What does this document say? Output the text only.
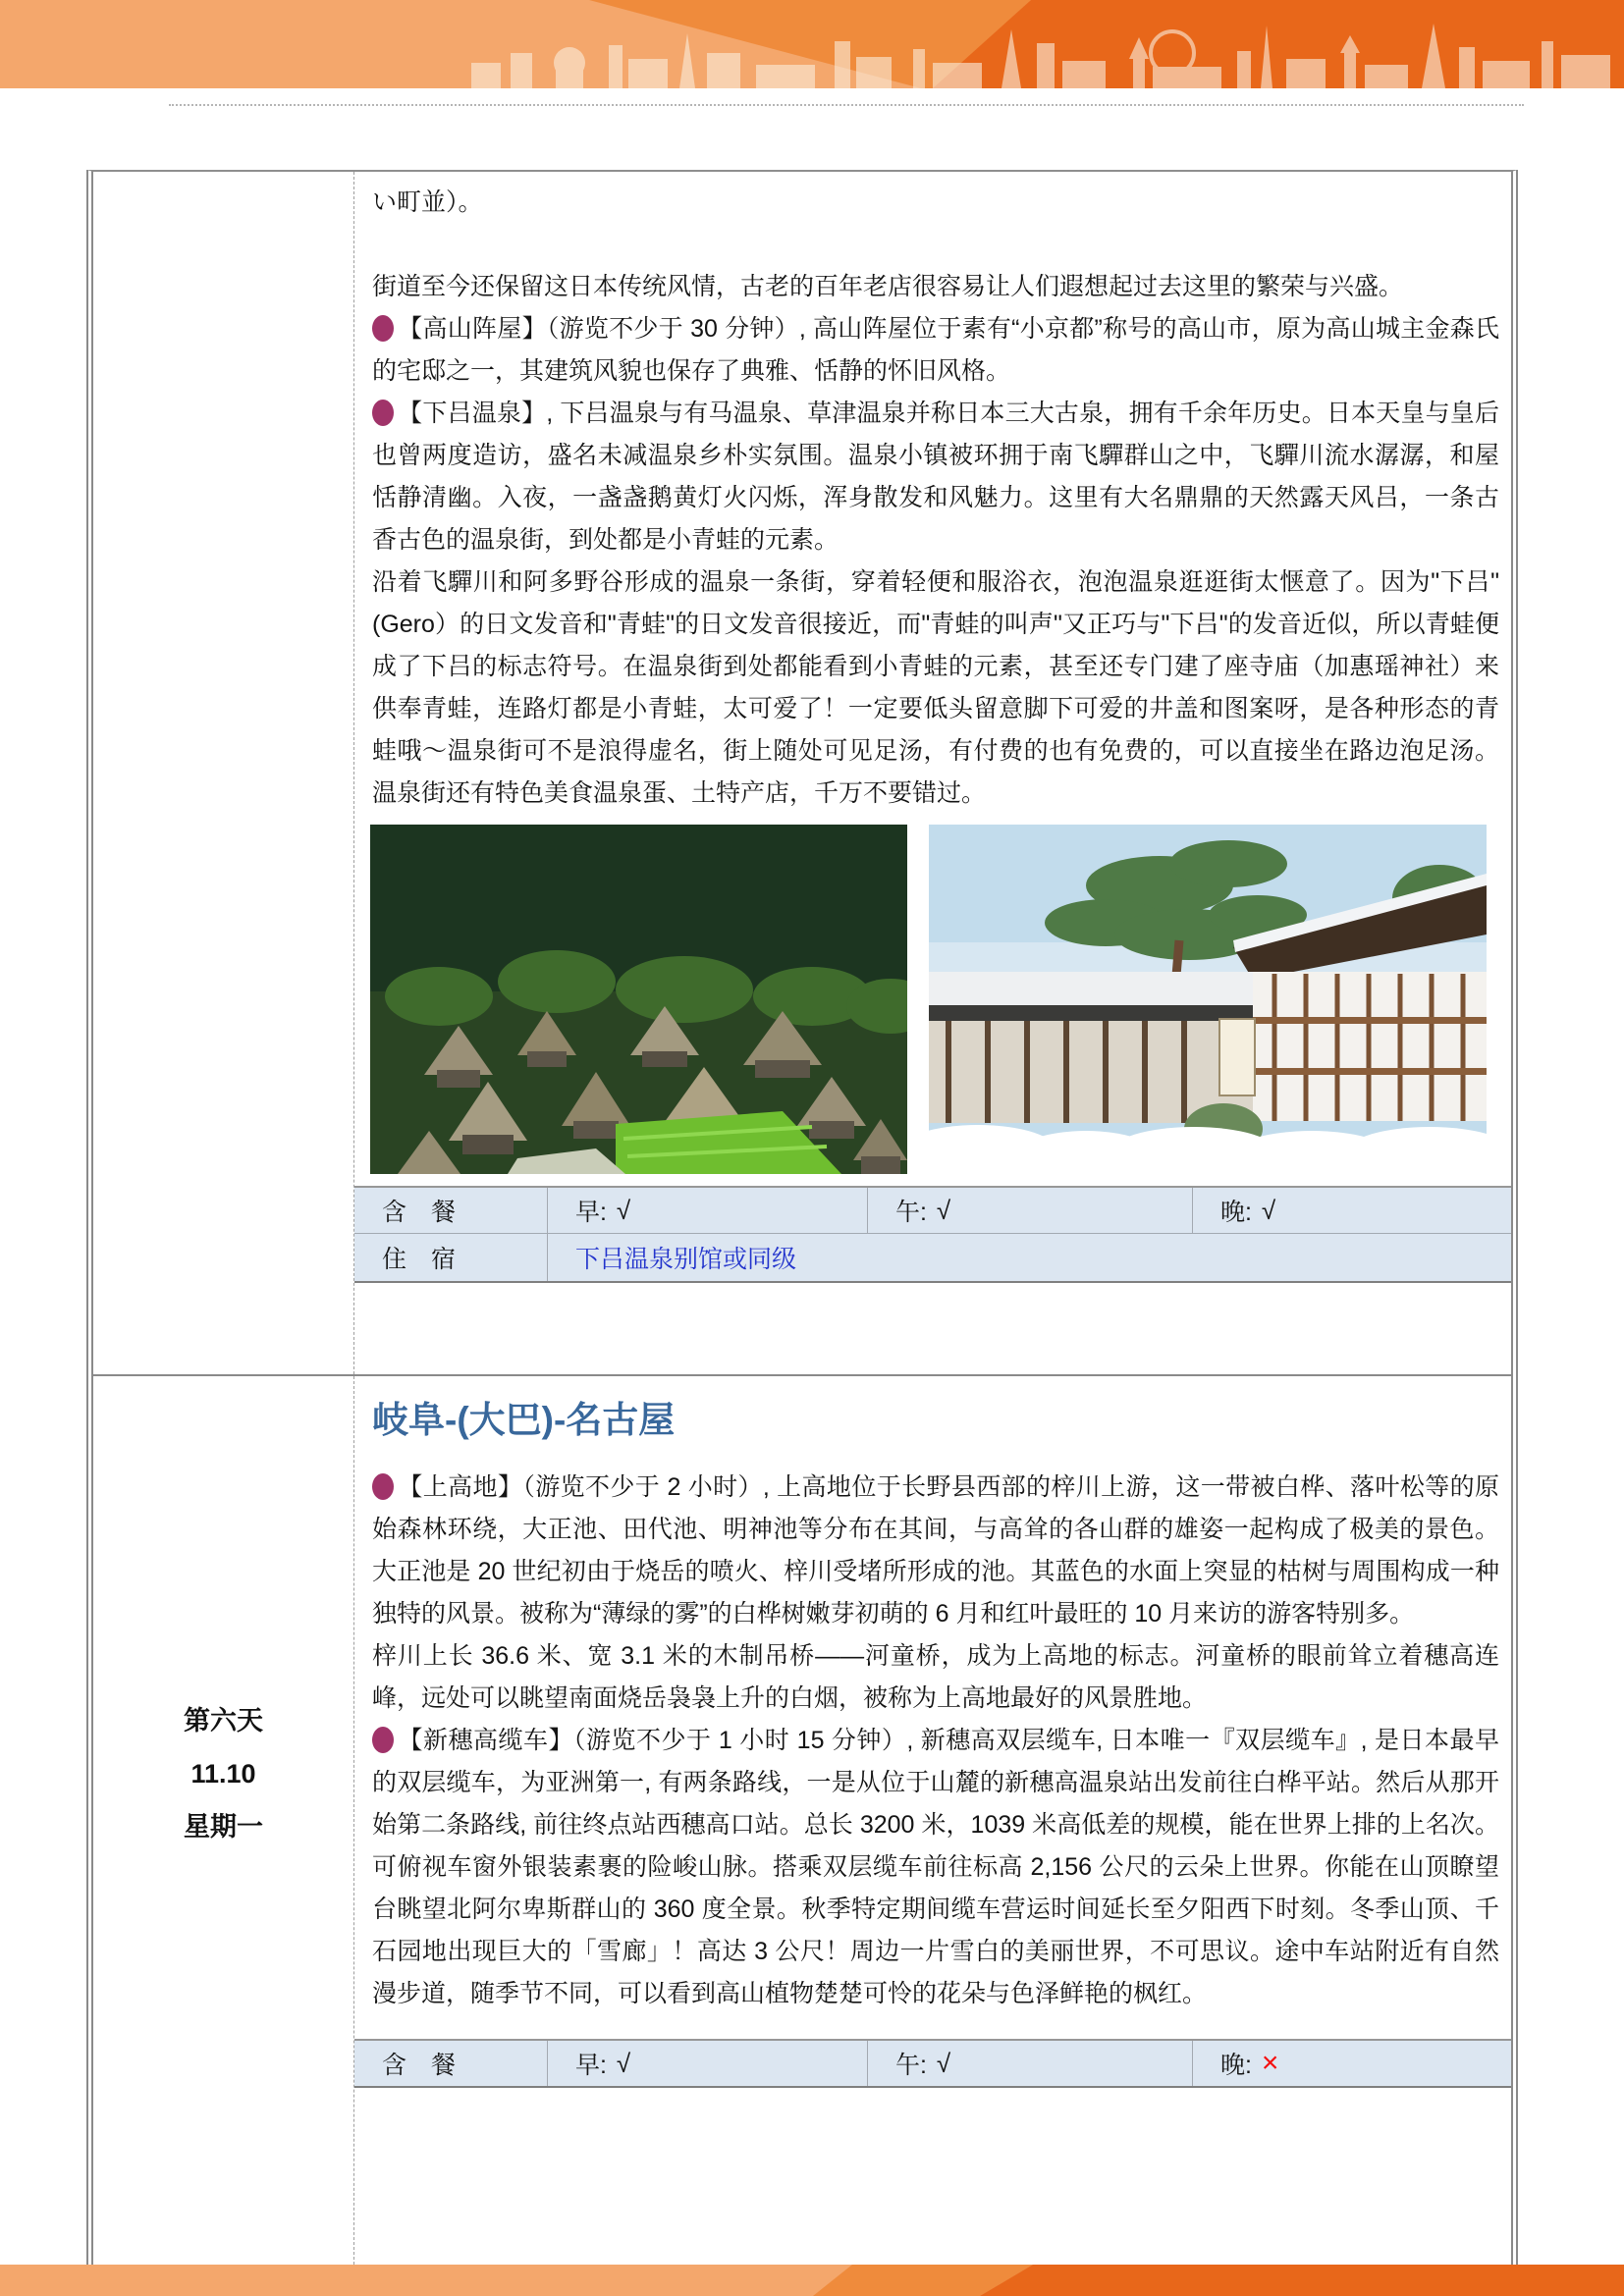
い町並）。

街道至今还保留这日本传统风情，古老的百年老店很容易让人们遐想起过去这里的繁荣与兴盛。

【高山阵屋】（游览不少于 30 分钟）, 高山阵屋位于素有“小京都”称号的高山市，原为高山城主金森氏的宅邸之一，其建筑风貌也保存了典雅、恬静的怀旧风格。

【下吕温泉】, 下吕温泉与有马温泉、草津温泉并称日本三大古泉，拥有千余年历史。日本天皇与皇后也曾两度造访，盛名未减温泉乡朴实氛围。温泉小镇被环拥于南飞驒群山之中，飞驒川流水潺潺，和屋恬静清幽。入夜，一盏盏鹅黄灯火闪烁，浑身散发和风魅力。这里有大名鼎鼎的天然露天风吕，一条古香古色的温泉街，到处都是小青蛙的元素。

沿着飞驒川和阿多野谷形成的温泉一条街，穿着轻便和服浴衣，泡泡温泉逛逛街太惬意了。因为"下吕"(Gero）的日文发音和"青蛙"的日文发音很接近，而"青蛙的叫声"又正巧与"下吕"的发音近似，所以青蛙便成了下吕的标志符号。在温泉街到处都能看到小青蛙的元素，甚至还专门建了座寺庙（加惠瑶神社）来供奉青蛙，连路灯都是小青蛙，太可爱了！一定要低头留意脚下可爱的井盖和图案呀，是各种形态的青蛙哦～温泉街可不是浪得虚名，街上随处可见足汤，有付费的也有免费的，可以直接坐在路边泡足汤。温泉街还有特色美食温泉蛋、土特产店，千万不要错过。

含　餐	早: √	午: √	晚: √
住　宿	下吕温泉别馆或同级
第六天
11.10
星期一
岐阜-(大巴)-名古屋

【上高地】（游览不少于 2 小时）, 上高地位于长野县西部的梓川上游，这一带被白桦、落叶松等的原始森林环绕，大正池、田代池、明神池等分布在其间，与高耸的各山群的雄姿一起构成了极美的景色。大正池是 20 世纪初由于烧岳的喷火、梓川受堵所形成的池。其蓝色的水面上突显的枯树与周围构成一种独特的风景。被称为“薄绿的雾”的白桦树嫩芽初萌的 6 月和红叶最旺的 10 月来访的游客特别多。

梓川上长 36.6 米、宽 3.1 米的木制吊桥——河童桥，成为上高地的标志。河童桥的眼前耸立着穗高连峰，远处可以眺望南面烧岳袅袅上升的白烟，被称为上高地最好的风景胜地。

【新穗高缆车】（游览不少于 1 小时 15 分钟）, 新穗高双层缆车, 日本唯一『双层缆车』, 是日本最早的双层缆车，为亚洲第一, 有两条路线，一是从位于山麓的新穗高温泉站出发前往白桦平站。然后从那开始第二条路线, 前往终点站西穗高口站。总长 3200 米，1039 米高低差的规模，能在世界上排的上名次。可俯视车窗外银装素裹的险峻山脉。搭乘双层缆车前往标高 2,156 公尺的云朵上世界。你能在山顶瞭望台眺望北阿尔卑斯群山的 360 度全景。秋季特定期间缆车营运时间延长至夕阳西下时刻。冬季山顶、千石园地出现巨大的「雪廊」！高达 3 公尺！周边一片雪白的美丽世界，不可思议。途中车站附近有自然漫步道，随季节不同，可以看到高山植物楚楚可怜的花朵与色泽鲜艳的枫红。

含　餐	早: √	午: √	晚: ×
